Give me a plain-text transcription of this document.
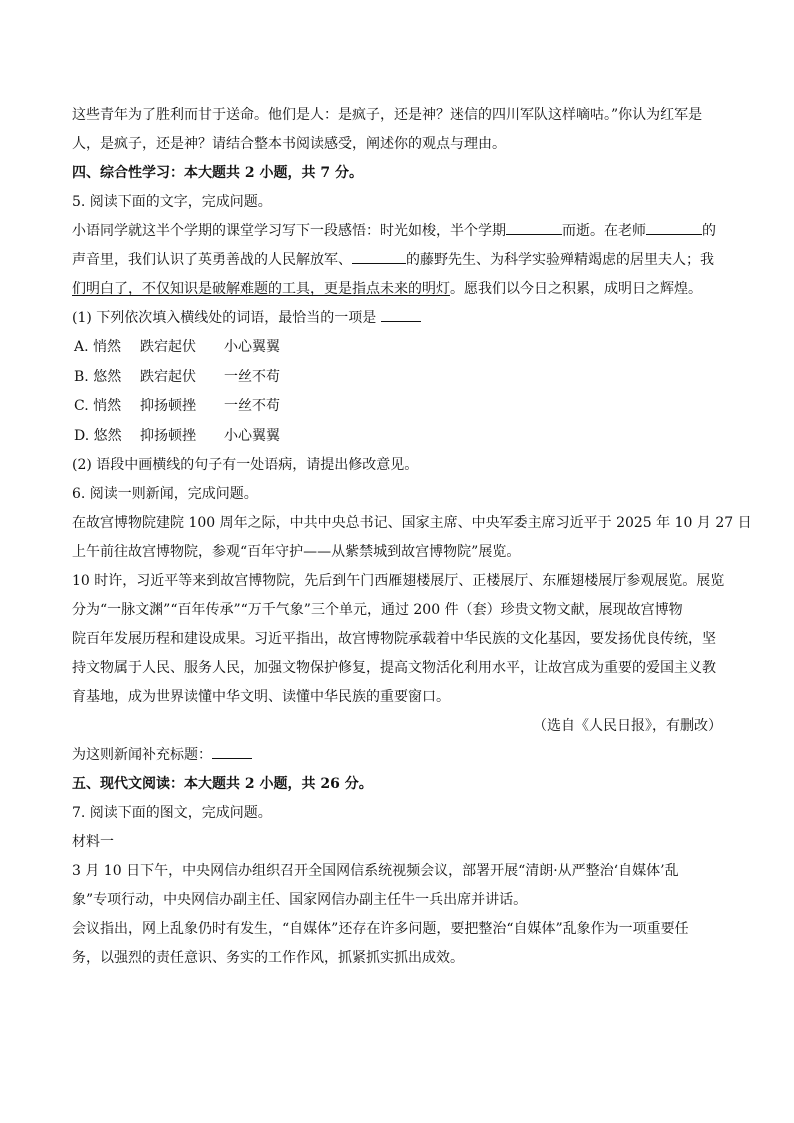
这些青年为了胜利而甘于送命。他们是人：是疯子，还是神？迷信的四川军队这样嘀咕。”你认为红军是
人，是疯子，还是神？请结合整本书阅读感受，阐述你的观点与理由。
四、综合性学习：本大题共 2 小题，共 7 分。
5. 阅读下面的文字，完成问题。
小语同学就这半个学期的课堂学习写下一段感悟：时光如梭，半个学期	而逝。在老师	的
声音里，我们认识了英勇善战的人民解放军、	的藤野先生、为科学实验殚精竭虑的居里夫人；我
们明白了，不仅知识是破解难题的工具，更是指点未来的明灯。愿我们以今日之积累，成明日之辉煌。
(1) 下列依次填入横线处的词语，最恰当的一项是
A. 悄然	跌宕起伏	小心翼翼
B. 悠然	跌宕起伏	一丝不苟
C. 悄然	抑扬顿挫	一丝不苟
D. 悠然	抑扬顿挫	小心翼翼
(2) 语段中画横线的句子有一处语病，请提出修改意见。
6. 阅读一则新闻，完成问题。
在故宫博物院建院 100 周年之际，中共中央总书记、国家主席、中央军委主席习近平于 2025 年 10 月 27 日
上午前往故宫博物院，参观“百年守护——从紫禁城到故宫博物院”展览。
10 时许，习近平等来到故宫博物院，先后到午门西雁翅楼展厅、正楼展厅、东雁翅楼展厅参观展览。展览
分为“一脉文渊”“百年传承”“万千气象”三个单元，通过 200 件（套）珍贵文物文献，展现故宫博物
院百年发展历程和建设成果。习近平指出，故宫博物院承载着中华民族的文化基因，要发扬优良传统，坚
持文物属于人民、服务人民，加强文物保护修复，提高文物活化利用水平，让故宫成为重要的爱国主义教
育基地，成为世界读懂中华文明、读懂中华民族的重要窗口。
（选自《人民日报》，有删改）
为这则新闻补充标题：
五、现代文阅读：本大题共 2 小题，共 26 分。
7. 阅读下面的图文，完成问题。
材料一
3 月 10 日下午，中央网信办组织召开全国网信系统视频会议，部署开展“清朗·从严整治‘自媒体’乱
象”专项行动，中央网信办副主任、国家网信办副主任牛一兵出席并讲话。
会议指出，网上乱象仍时有发生，“自媒体”还存在许多问题，要把整治“自媒体”乱象作为一项重要任
务，以强烈的责任意识、务实的工作作风，抓紧抓实抓出成效。
